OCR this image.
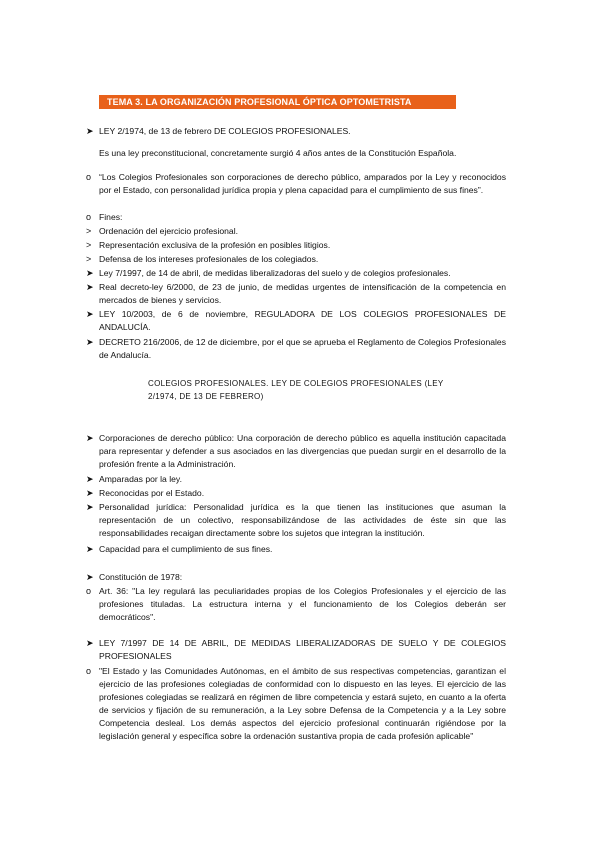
TEMA 3. LA ORGANIZACIÓN PROFESIONAL ÓPTICA OPTOMETRISTA
➤ LEY 2/1974, de 13 de febrero DE COLEGIOS PROFESIONALES.
Es una ley preconstitucional, concretamente surgió 4 años antes de la Constitución Española.
o “Los Colegios Profesionales son corporaciones de derecho público, amparados por la Ley y reconocidos por el Estado, con personalidad jurídica propia y plena capacidad para el cumplimiento de sus fines”.
o Fines:
> Ordenación del ejercicio profesional.
> Representación exclusiva de la profesión en posibles litigios.
> Defensa de los intereses profesionales de los colegiados.
➤ Ley 7/1997, de 14 de abril, de medidas liberalizadoras del suelo y de colegios profesionales.
➤ Real decreto-ley 6/2000, de 23 de junio, de medidas urgentes de intensificación de la competencia en mercados de bienes y servicios.
➤ LEY 10/2003, de 6 de noviembre, REGULADORA DE LOS COLEGIOS PROFESIONALES DE ANDALUCÍA.
➤ DECRETO 216/2006, de 12 de diciembre, por el que se aprueba el Reglamento de Colegios Profesionales de Andalucía.
COLEGIOS PROFESIONALES. LEY DE COLEGIOS PROFESIONALES (LEY 2/1974, DE 13 DE FEBRERO)
➤ Corporaciones de derecho público: Una corporación de derecho público es aquella institución capacitada para representar y defender a sus asociados en las divergencias que puedan surgir en el desarrollo de la profesión frente a la Administración.
➤ Amparadas por la ley.
➤ Reconocidas por el Estado.
➤ Personalidad jurídica: Personalidad jurídica es la que tienen las instituciones que asuman la representación de un colectivo, responsabilizándose de las actividades de éste sin que las responsabilidades recaigan directamente sobre los sujetos que integran la institución.
➤ Capacidad para el cumplimiento de sus fines.
➤ Constitución de 1978:
o Art. 36: "La ley regulará las peculiaridades propias de los Colegios Profesionales y el ejercicio de las profesiones tituladas. La estructura interna y el funcionamiento de los Colegios deberán ser democráticos".
➤ LEY 7/1997 DE 14 DE ABRIL, DE MEDIDAS LIBERALIZADORAS DE SUELO Y DE COLEGIOS PROFESIONALES
o "El Estado y las Comunidades Autónomas, en el ámbito de sus respectivas competencias, garantizan el ejercicio de las profesiones colegiadas de conformidad con lo dispuesto en las leyes. El ejercicio de las profesiones colegiadas se realizará en régimen de libre competencia y estará sujeto, en cuanto a la oferta de servicios y fijación de su remuneración, a la Ley sobre Defensa de la Competencia y a la Ley sobre Competencia desleal. Los demás aspectos del ejercicio profesional continuarán rigiéndose por la legislación general y específica sobre la ordenación sustantiva propia de cada profesión aplicable"
